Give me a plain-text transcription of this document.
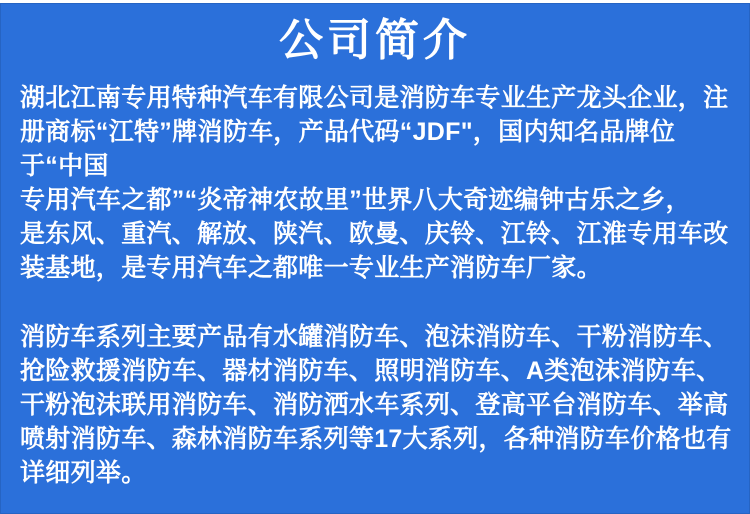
公司简介
湖北江南专用特种汽车有限公司是消防车专业生产龙头企业，注
册商标“江特”牌消防车，产品代码“JDF"，国内知名品牌位
于“中国
专用汽车之都”“炎帝神农故里”世界八大奇迹编钟古乐之乡，
是东风、重汽、解放、陕汽、欧曼、庆铃、江铃、江淮专用车改
装基地，是专用汽车之都唯一专业生产消防车厂家。
消防车系列主要产品有水罐消防车、泡沫消防车、干粉消防车、
抢险救援消防车、器材消防车、照明消防车、A类泡沫消防车、
干粉泡沫联用消防车、消防洒水车系列、登高平台消防车、举高
喷射消防车、森林消防车系列等17大系列，各种消防车价格也有
详细列举。
